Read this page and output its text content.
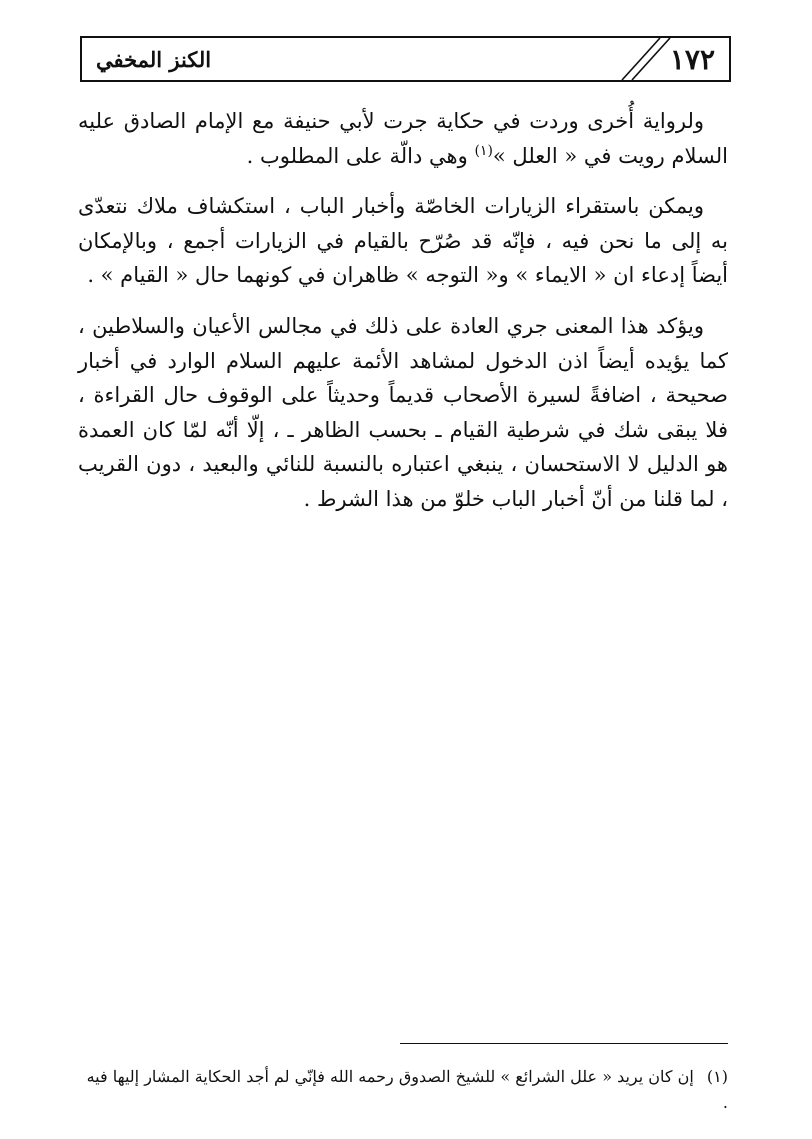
١٧٢
الكنز المخفي

ولرواية أُخرى وردت في حكاية جرت لأبي حنيفة مع الإمام الصادق عليه السلام رويت في « العلل »$^{(١)}$ وهي دالّة على المطلوب .

ويمكن باستقراء الزيارات الخاصّة وأخبار الباب ، استكشاف ملاك نتعدّى به إلى ما نحن فيه ، فإنّه قد صُرّح بالقيام في الزيارات أجمع ، وبالإمكان أيضاً إدعاء ان « الايماء » و« التوجه » ظاهران في كونهما حال « القيام » .

ويؤكد هذا المعنى جري العادة على ذلك في مجالس الأعيان والسلاطين ، كما يؤيده أيضاً اذن الدخول لمشاهد الأئمة عليهم السلام الوارد في أخبار صحيحة ، اضافةً لسيرة الأصحاب قديماً وحديثاً على الوقوف حال القراءة ، فلا يبقى شك في شرطية القيام ـ بحسب الظاهر ـ ، إلّا أنّه لمّا كان العمدة هو الدليل لا الاستحسان ، ينبغي اعتباره بالنسبة للنائي والبعيد ، دون القريب ، لما قلنا من أنّ أخبار الباب خلوّ من هذا الشرط .

(١) إن كان يريد « علل الشرائع » للشيخ الصدوق رحمه الله فإنّي لم أجد الحكاية المشار إليها فيه .
